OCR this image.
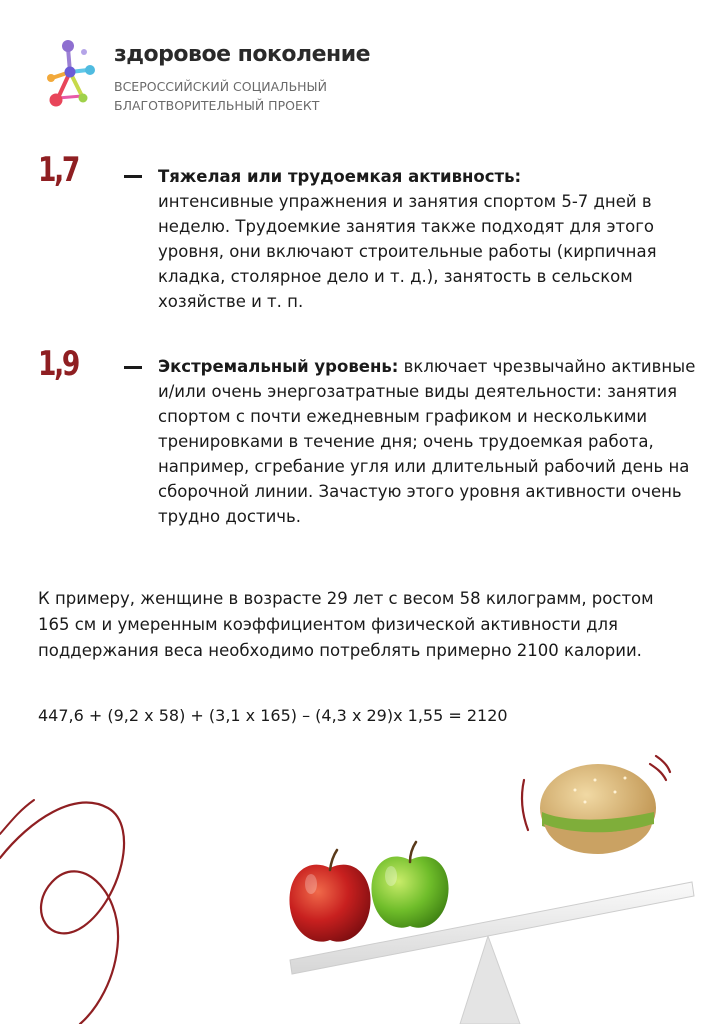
здоровое поколение

ВСЕРОССИЙСКИЙ СОЦИАЛЬНЫЙ
БЛАГОТВОРИТЕЛЬНЫЙ ПРОЕКТ

1,7	Тяжелая или трудоемкая активность:
интенсивные упражнения и занятия спортом 5-7 дней в неделю. Трудоемкие занятия также подходят для этого уровня, они включают строительные работы (кирпичная кладка, столярное дело и т. д.), занятость в сельском хозяйстве и т. п.

1,9	Экстремальный уровень: включает чрезвычайно активные и/или очень энергозатратные виды деятельности: занятия спортом с почти ежедневным графиком и несколькими тренировками в течение дня; очень трудоемкая работа, например, сгребание угля или длительный рабочий день на сборочной линии. Зачастую этого уровня активности очень трудно достичь.

К примеру, женщине в возрасте 29 лет с весом 58 килограмм, ростом 165 см и умеренным коэффициентом физической активности для поддержания веса необходимо потреблять примерно 2100 калории.

447,6 + (9,2 х 58) + (3,1 х 165) – (4,3 х 29)х 1,55 = 2120
